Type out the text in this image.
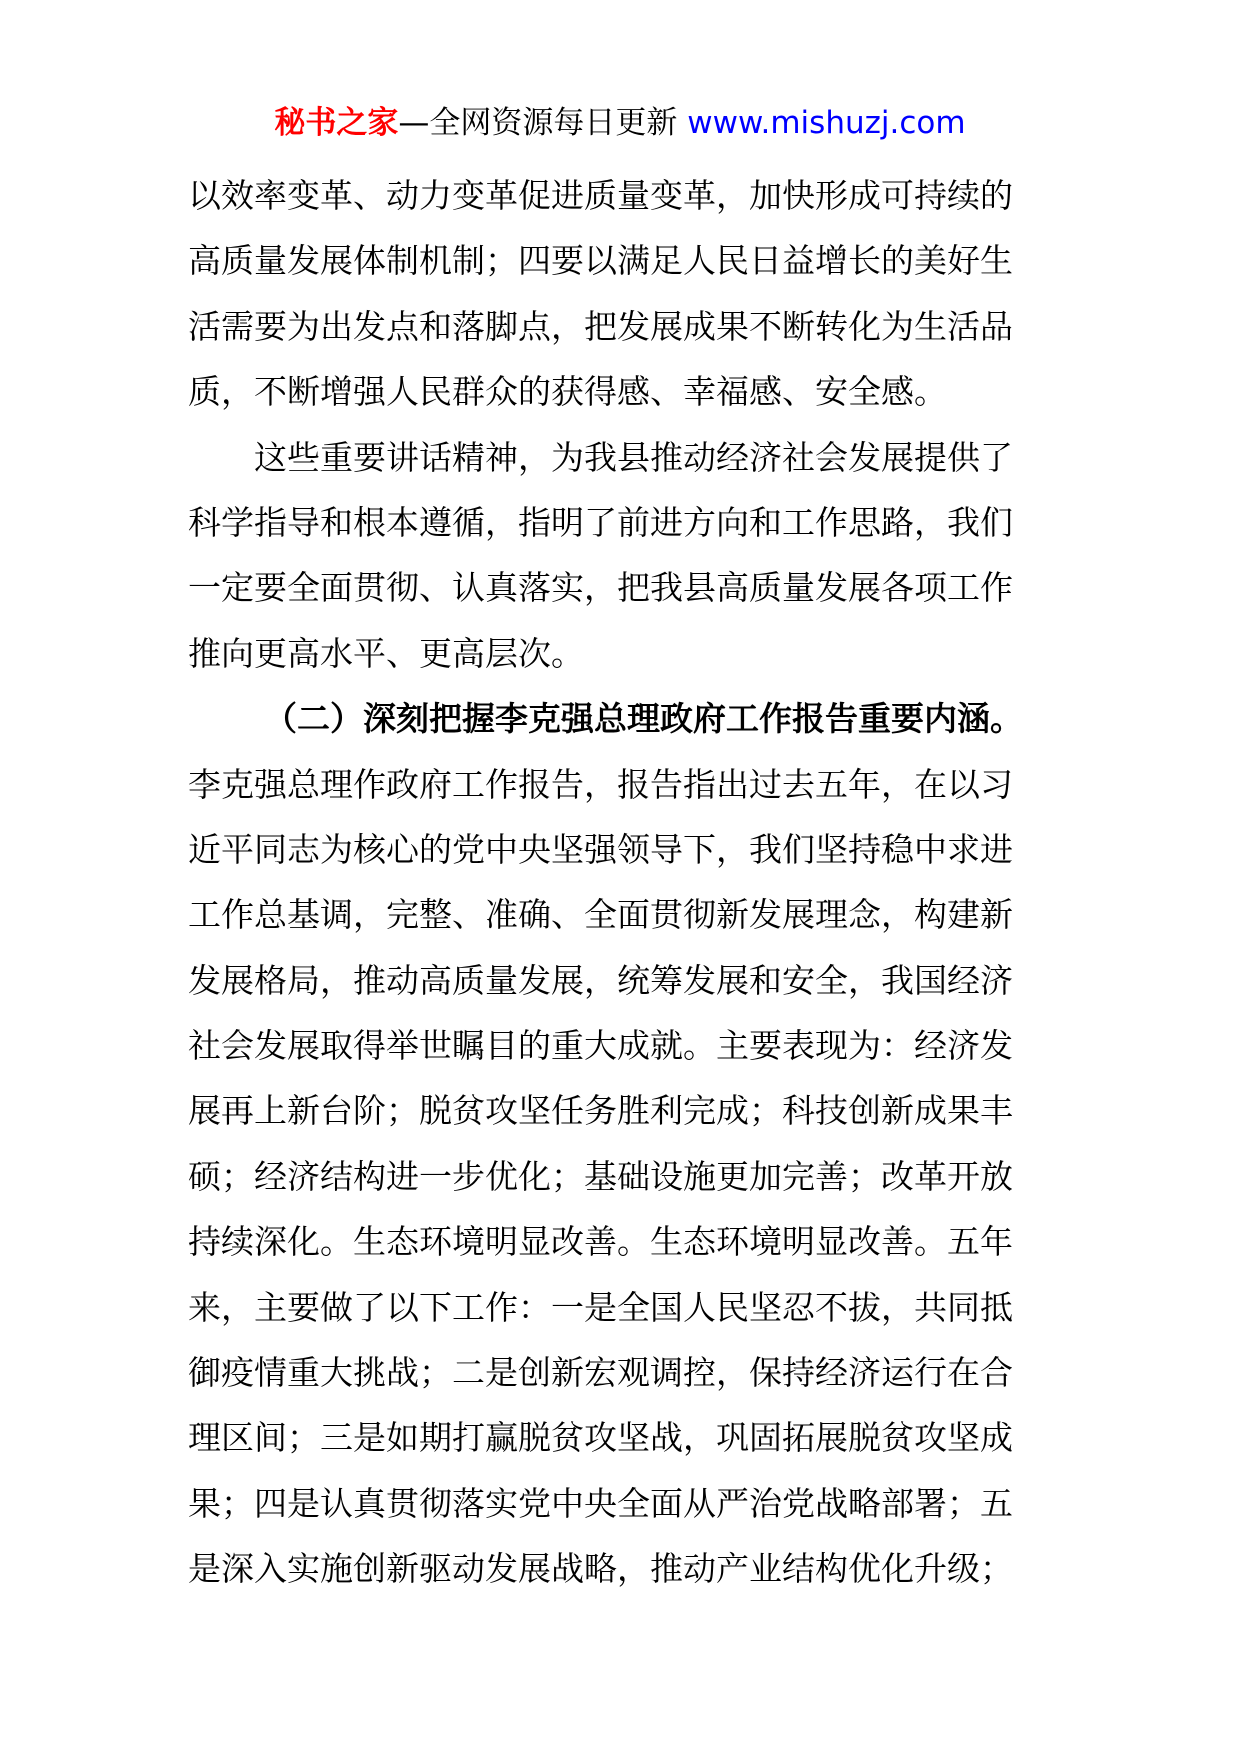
秘书之家—全网资源每日更新 www.mishuzj.com
以效率变革、动力变革促进质量变革，加快形成可持续的
高质量发展体制机制；四要以满足人民日益增长的美好生
活需要为出发点和落脚点，把发展成果不断转化为生活品
质，不断增强人民群众的获得感、幸福感、安全感。
这些重要讲话精神，为我县推动经济社会发展提供了
科学指导和根本遵循，指明了前进方向和工作思路，我们
一定要全面贯彻、认真落实，把我县高质量发展各项工作
推向更高水平、更高层次。
（二）深刻把握李克强总理政府工作报告重要内涵。
李克强总理作政府工作报告，报告指出过去五年，在以习
近平同志为核心的党中央坚强领导下，我们坚持稳中求进
工作总基调，完整、准确、全面贯彻新发展理念，构建新
发展格局，推动高质量发展，统筹发展和安全，我国经济
社会发展取得举世瞩目的重大成就。主要表现为：经济发
展再上新台阶；脱贫攻坚任务胜利完成；科技创新成果丰
硕；经济结构进一步优化；基础设施更加完善；改革开放
持续深化。生态环境明显改善。生态环境明显改善。五年
来，主要做了以下工作：一是全国人民坚忍不拔，共同抵
御疫情重大挑战；二是创新宏观调控，保持经济运行在合
理区间；三是如期打赢脱贫攻坚战，巩固拓展脱贫攻坚成
果；四是认真贯彻落实党中央全面从严治党战略部署；五
是深入实施创新驱动发展战略，推动产业结构优化升级；
